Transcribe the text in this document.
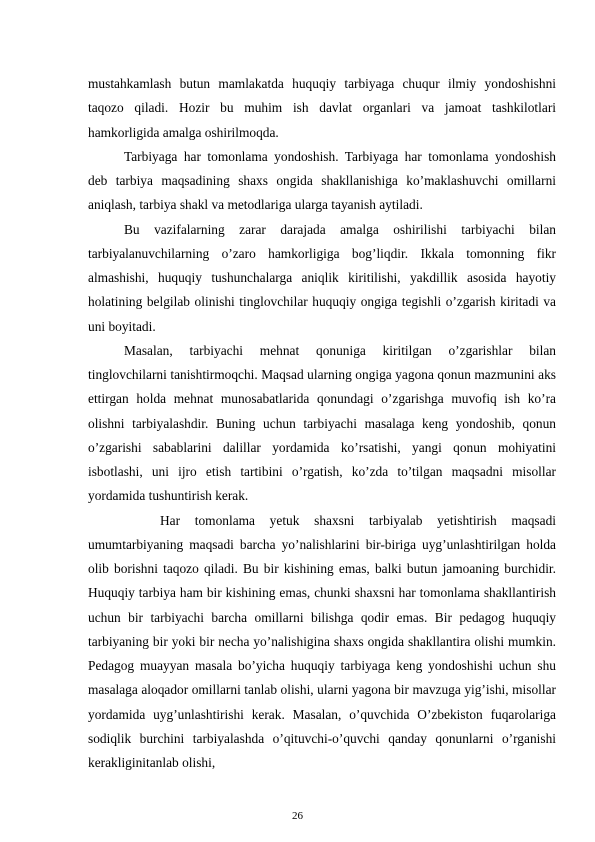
mustahkamlash butun mamlakatda huquqiy tarbiyaga chuqur ilmiy yondoshishni taqozo qiladi. Hozir bu muhim ish davlat organlari va jamoat tashkilotlari hamkorligida amalga oshirilmoqda.

Tarbiyaga har tomonlama yondoshish. Tarbiyaga har tomonlama yondoshish deb tarbiya maqsadining shaxs ongida shakllanishiga ko’maklashuvchi omillarni aniqlash, tarbiya shakl va metodlariga ularga tayanish aytiladi.

Bu vazifalarning zarar darajada amalga oshirilishi tarbiyachi bilan tarbiyalanuvchilarning o’zaro hamkorligiga bog’liqdir. Ikkala tomonning fikr almashishi, huquqiy tushunchalarga aniqlik kiritilishi, yakdillik asosida hayotiy holatining belgilab olinishi tinglovchilar huquqiy ongiga tegishli o’zgarish kiritadi va uni boyitadi.

Masalan, tarbiyachi mehnat qonuniga kiritilgan o’zgarishlar bilan tinglovchilarni tanishtirmoqchi. Maqsad ularning ongiga yagona qonun mazmunini aks ettirgan holda mehnat munosabatlarida qonundagi o’zgarishga muvofiq ish ko’ra olishni tarbiyalashdir. Buning uchun tarbiyachi masalaga keng yondoshib, qonun o’zgarishi sabablarini dalillar yordamida ko’rsatishi, yangi qonun mohiyatini isbotlashi, uni ijro etish tartibini o’rgatish, ko’zda to’tilgan maqsadni misollar yordamida tushuntirish kerak.

Har tomonlama yetuk shaxsni tarbiyalab yetishtirish maqsadi umumtarbiyaning maqsadi barcha yo’nalishlarini bir-biriga uyg’unlashtirilgan holda olib borishni taqozo qiladi. Bu bir kishining emas, balki butun jamoaning burchidir. Huquqiy tarbiya ham bir kishining emas, chunki shaxsni har tomonlama shakllantirish uchun bir tarbiyachi barcha omillarni bilishga qodir emas. Bir pedagog huquqiy tarbiyaning bir yoki bir necha yo’nalishigina shaxs ongida shakllantira olishi mumkin. Pedagog muayyan masala bo’yicha huquqiy tarbiyaga keng yondoshishi uchun shu masalaga aloqador omillarni tanlab olishi, ularni yagona bir mavzuga yig’ishi, misollar yordamida uyg’unlashtirishi kerak. Masalan, o’quvchida O’zbekiston fuqarolariga sodiqlik burchini tarbiyalashda o’qituvchi-o’quvchi qanday qonunlarni o’rganishi kerakliginitanlab olishi,

26
